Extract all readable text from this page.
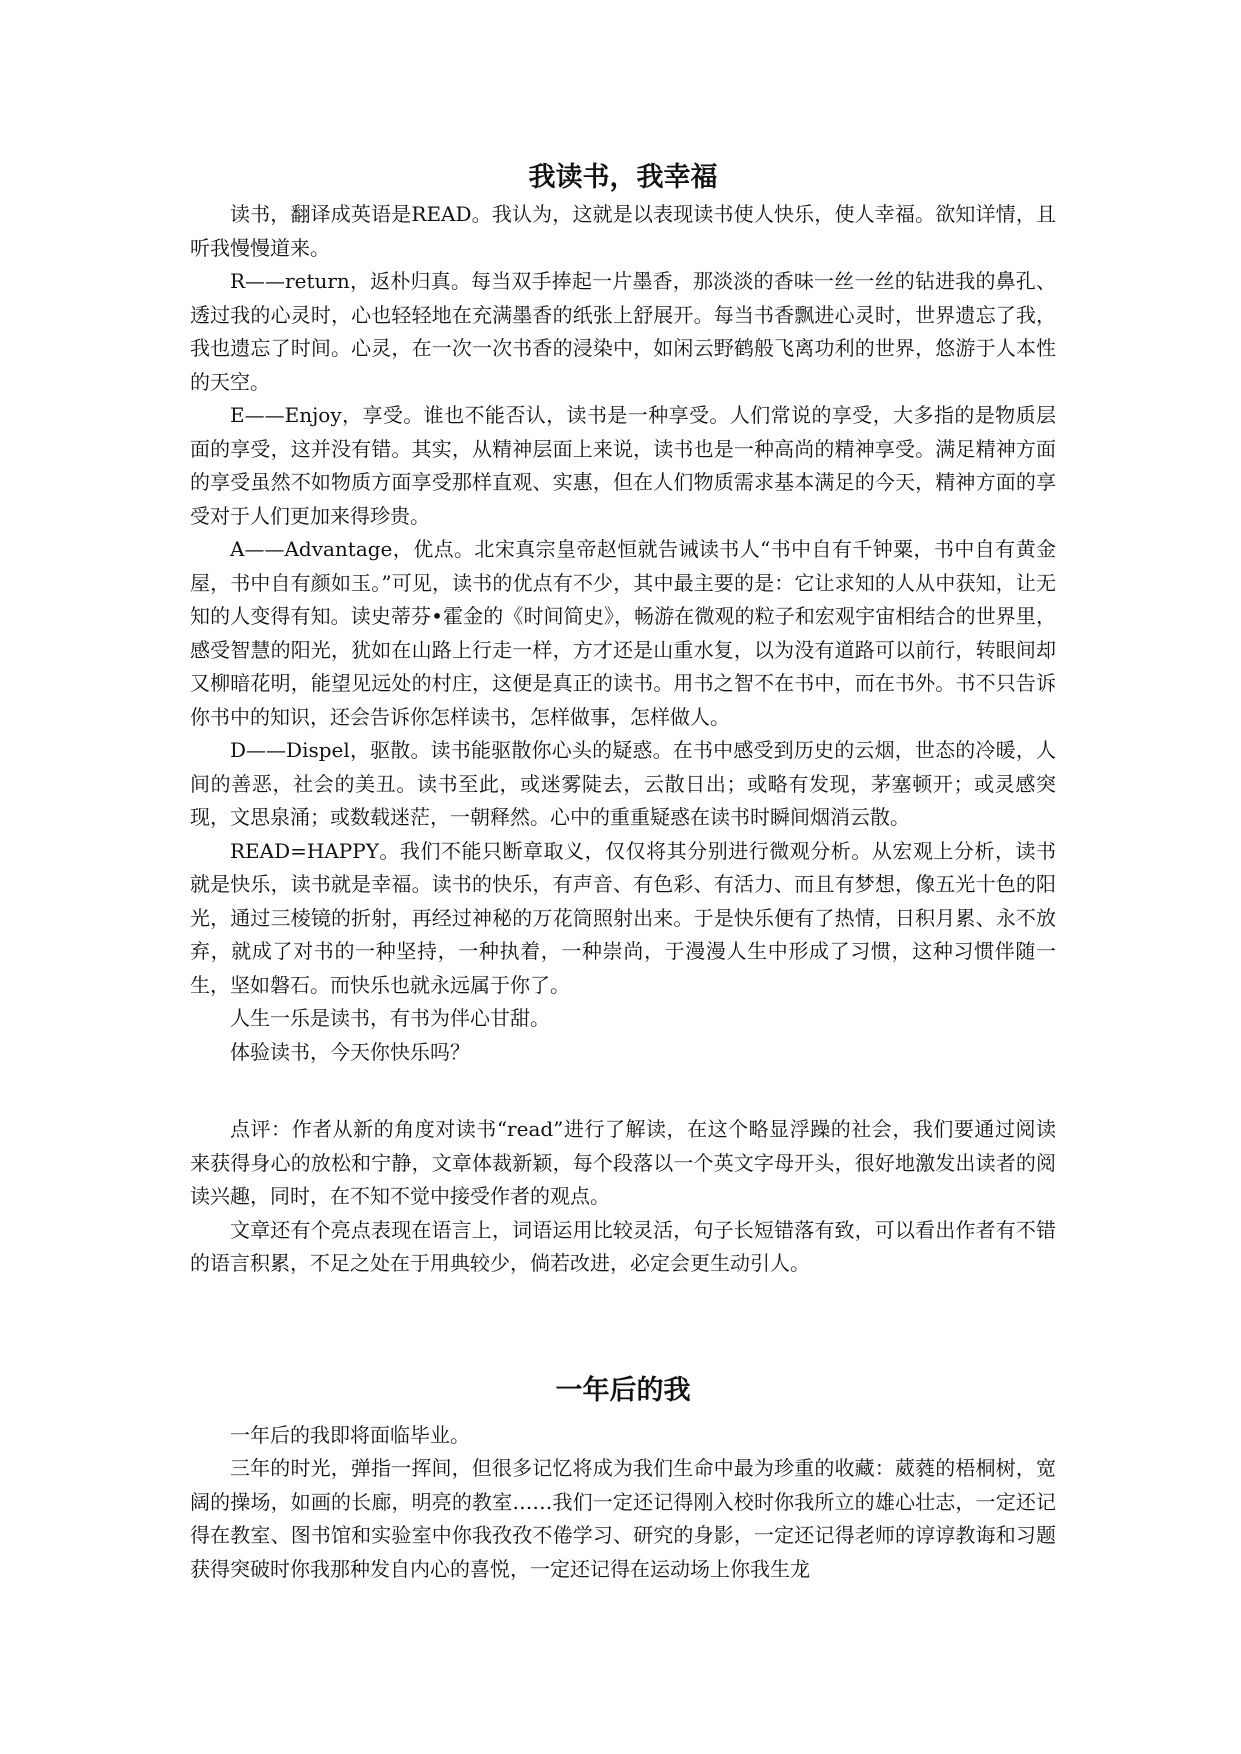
我读书，我幸福

读书，翻译成英语是READ。我认为，这就是以表现读书使人快乐，使人幸福。欲知详情，且听我慢慢道来。

R——return，返朴归真。每当双手捧起一片墨香，那淡淡的香味一丝一丝的钻进我的鼻孔、透过我的心灵时，心也轻轻地在充满墨香的纸张上舒展开。每当书香飘进心灵时，世界遗忘了我，我也遗忘了时间。心灵，在一次一次书香的浸染中，如闲云野鹤般飞离功利的世界，悠游于人本性的天空。

E——Enjoy，享受。谁也不能否认，读书是一种享受。人们常说的享受，大多指的是物质层面的享受，这并没有错。其实，从精神层面上来说，读书也是一种高尚的精神享受。满足精神方面的享受虽然不如物质方面享受那样直观、实惠，但在人们物质需求基本满足的今天，精神方面的享受对于人们更加来得珍贵。

A——Advantage，优点。北宋真宗皇帝赵恒就告诫读书人“书中自有千钟粟，书中自有黄金屋，书中自有颜如玉。”可见，读书的优点有不少，其中最主要的是：它让求知的人从中获知，让无知的人变得有知。读史蒂芬•霍金的《时间简史》，畅游在微观的粒子和宏观宇宙相结合的世界里，感受智慧的阳光，犹如在山路上行走一样，方才还是山重水复，以为没有道路可以前行，转眼间却又柳暗花明，能望见远处的村庄，这便是真正的读书。用书之智不在书中，而在书外。书不只告诉你书中的知识，还会告诉你怎样读书，怎样做事，怎样做人。

D——Dispel，驱散。读书能驱散你心头的疑惑。在书中感受到历史的云烟，世态的冷暖，人间的善恶，社会的美丑。读书至此，或迷雾陡去，云散日出；或略有发现，茅塞顿开；或灵感突现，文思泉涌；或数载迷茫，一朝释然。心中的重重疑惑在读书时瞬间烟消云散。

READ=HAPPY。我们不能只断章取义，仅仅将其分别进行微观分析。从宏观上分析，读书就是快乐，读书就是幸福。读书的快乐，有声音、有色彩、有活力、而且有梦想，像五光十色的阳光，通过三棱镜的折射，再经过神秘的万花筒照射出来。于是快乐便有了热情，日积月累、永不放弃，就成了对书的一种坚持，一种执着，一种崇尚，于漫漫人生中形成了习惯，这种习惯伴随一生，坚如磐石。而快乐也就永远属于你了。

人生一乐是读书，有书为伴心甘甜。

体验读书，今天你快乐吗？

点评：作者从新的角度对读书“read”进行了解读，在这个略显浮躁的社会，我们要通过阅读来获得身心的放松和宁静，文章体裁新颖，每个段落以一个英文字母开头，很好地激发出读者的阅读兴趣，同时，在不知不觉中接受作者的观点。

文章还有个亮点表现在语言上，词语运用比较灵活，句子长短错落有致，可以看出作者有不错的语言积累，不足之处在于用典较少，倘若改进，必定会更生动引人。

一年后的我

一年后的我即将面临毕业。

三年的时光，弹指一挥间，但很多记忆将成为我们生命中最为珍重的收藏：葳蕤的梧桐树，宽阔的操场，如画的长廊，明亮的教室……我们一定还记得刚入校时你我所立的雄心壮志，一定还记得在教室、图书馆和实验室中你我孜孜不倦学习、研究的身影，一定还记得老师的谆谆教诲和习题获得突破时你我那种发自内心的喜悦，一定还记得在运动场上你我生龙
